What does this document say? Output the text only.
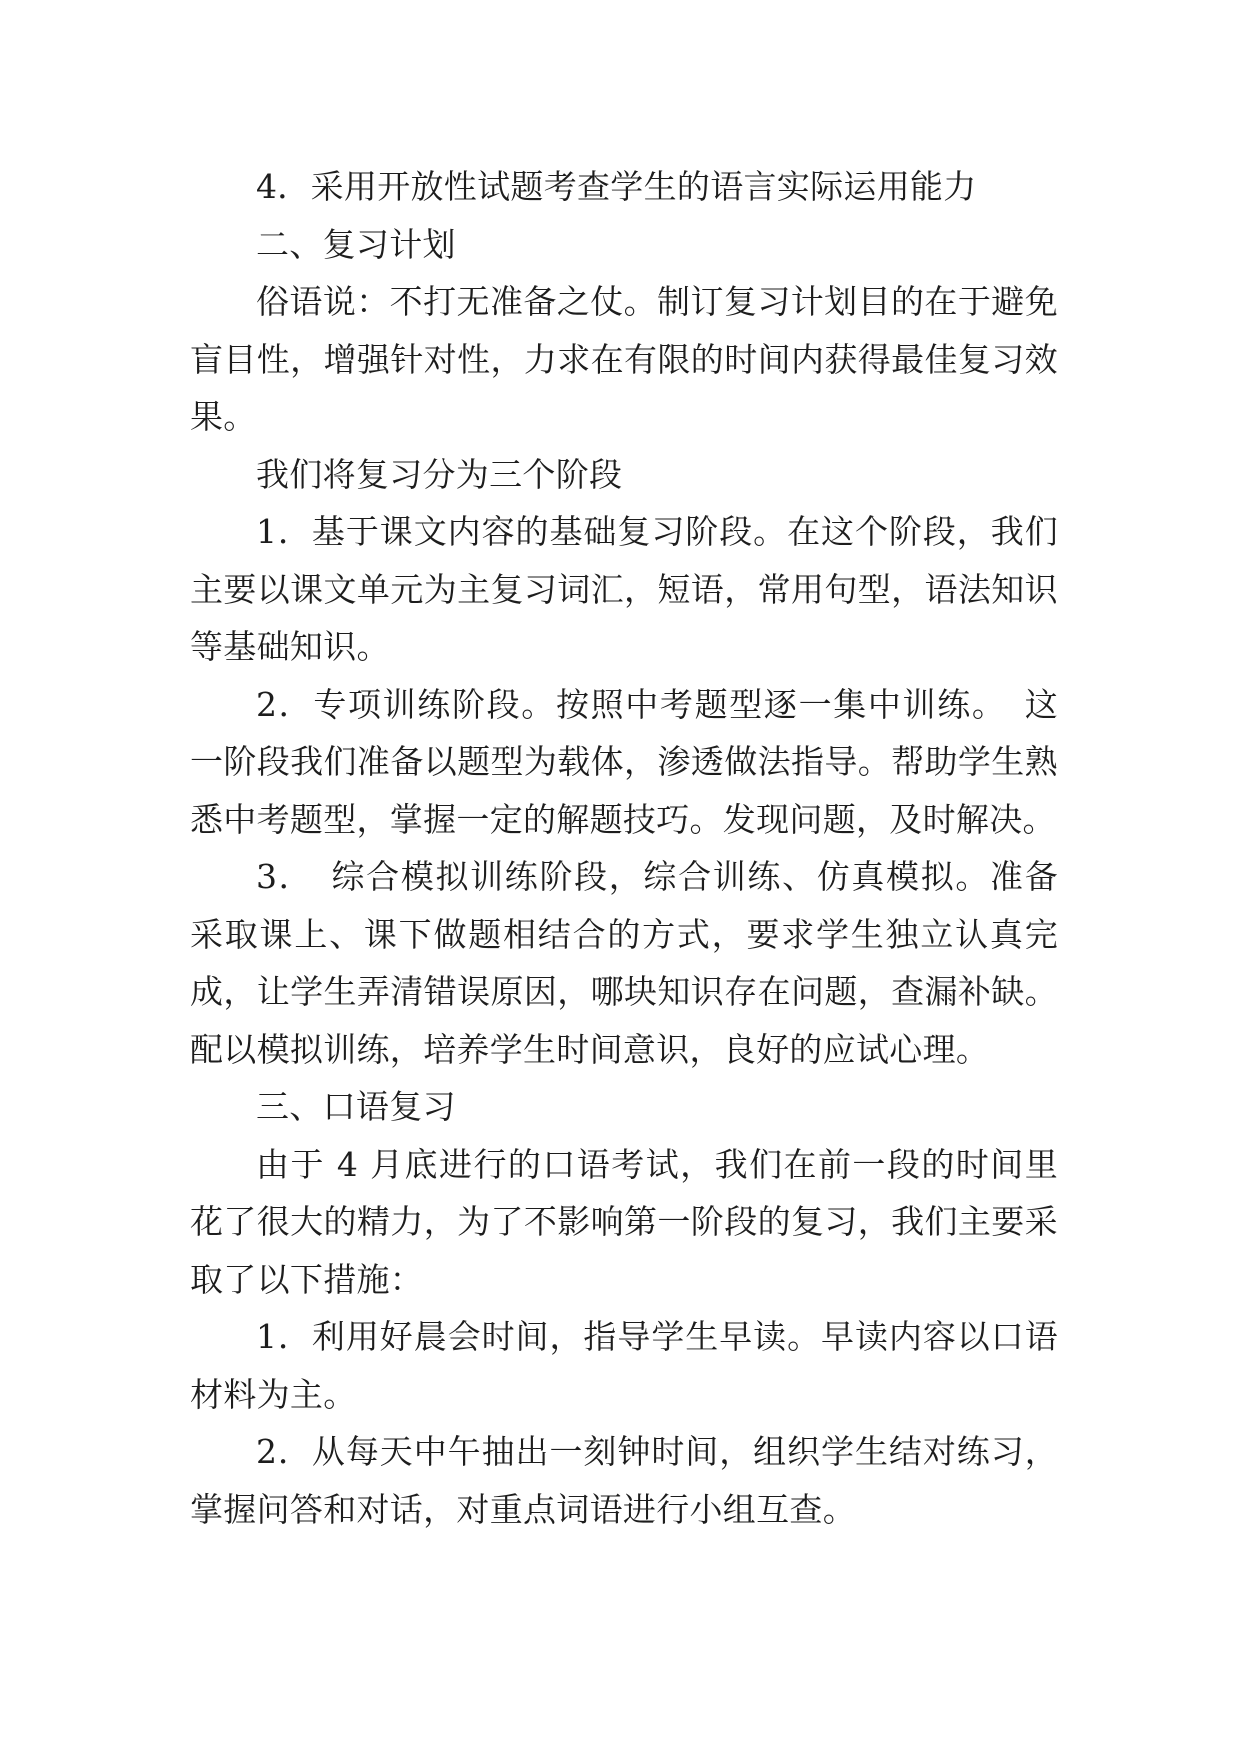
4．采用开放性试题考查学生的语言实际运用能力

二、复习计划

俗语说：不打无准备之仗。制订复习计划目的在于避免盲目性，增强针对性，力求在有限的时间内获得最佳复习效果。

我们将复习分为三个阶段

1．基于课文内容的基础复习阶段。在这个阶段，我们主要以课文单元为主复习词汇，短语，常用句型，语法知识等基础知识。

2．专项训练阶段。按照中考题型逐一集中训练。　这一阶段我们准备以题型为载体，渗透做法指导。帮助学生熟悉中考题型，掌握一定的解题技巧。发现问题，及时解决。

3．　综合模拟训练阶段，综合训练、仿真模拟。准备采取课上、课下做题相结合的方式，要求学生独立认真完成，让学生弄清错误原因，哪块知识存在问题，查漏补缺。配以模拟训练，培养学生时间意识，良好的应试心理。

三、口语复习

由于 4 月底进行的口语考试，我们在前一段的时间里花了很大的精力，为了不影响第一阶段的复习，我们主要采取了以下措施：

1．利用好晨会时间，指导学生早读。早读内容以口语材料为主。

2．从每天中午抽出一刻钟时间，组织学生结对练习，掌握问答和对话，对重点词语进行小组互查。
